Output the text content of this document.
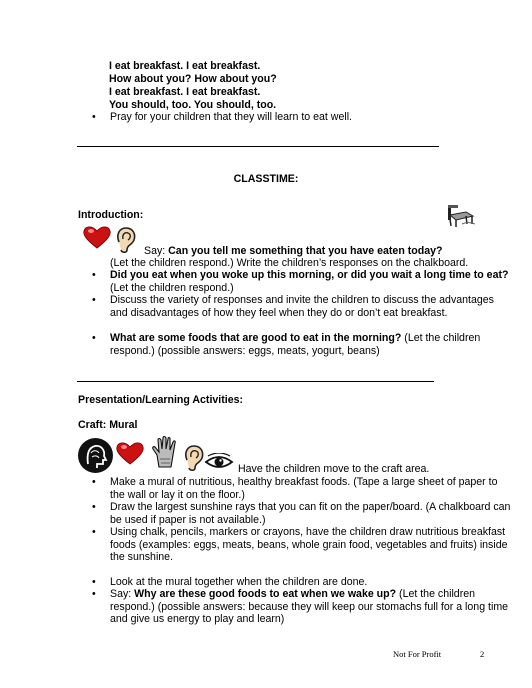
I eat breakfast. I eat breakfast.
How about you? How about you?
I eat breakfast. I eat breakfast.
You should, too. You should, too.
•	Pray for your children that they will learn to eat well.
CLASSTIME:
Introduction:
Say: Can you tell me something that you have eaten today?
(Let the children respond.) Write the children’s responses on the chalkboard.
•	Did you eat when you woke up this morning, or did you wait a long time to eat? (Let the children respond.)
•	Discuss the variety of responses and invite the children to discuss the advantages and disadvantages of how they feel when they do or don’t eat breakfast.
•	What are some foods that are good to eat in the morning? (Let the children respond.) (possible answers: eggs, meats, yogurt, beans)
Presentation/Learning Activities:
Craft: Mural
Have the children move to the craft area.
•	Make a mural of nutritious, healthy breakfast foods. (Tape a large sheet of paper to the wall or lay it on the floor.)
•	Draw the largest sunshine rays that you can fit on the paper/board. (A chalkboard can be used if paper is not available.)
•	Using chalk, pencils, markers or crayons, have the children draw nutritious breakfast foods (examples: eggs, meats, beans, whole grain food, vegetables and fruits) inside the sunshine.
•	Look at the mural together when the children are done.
•	Say: Why are these good foods to eat when we wake up? (Let the children respond.) (possible answers: because they will keep our stomachs full for a long time and give us energy to play and learn)
Not For Profit	2
